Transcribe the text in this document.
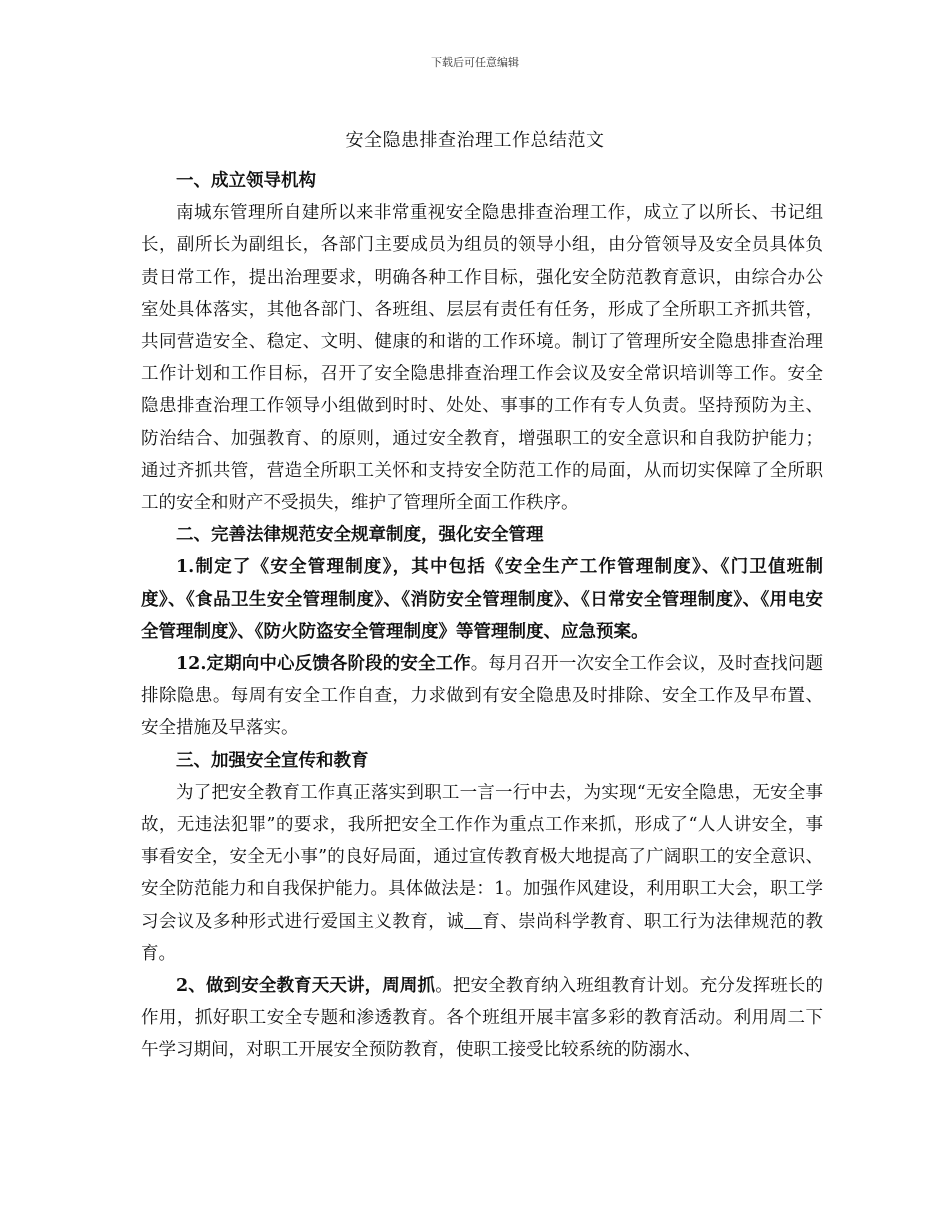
下载后可任意编辑
安全隐患排查治理工作总结范文

一、成立领导机构

南城东管理所自建所以来非常重视安全隐患排查治理工作，成立了以所长、书记组长，副所长为副组长，各部门主要成员为组员的领导小组，由分管领导及安全员具体负责日常工作，提出治理要求，明确各种工作目标，强化安全防范教育意识，由综合办公室处具体落实，其他各部门、各班组、层层有责任有任务，形成了全所职工齐抓共管，共同营造安全、稳定、文明、健康的和谐的工作环境。制订了管理所安全隐患排查治理工作计划和工作目标，召开了安全隐患排查治理工作会议及安全常识培训等工作。安全隐患排查治理工作领导小组做到时时、处处、事事的工作有专人负责。坚持预防为主、防治结合、加强教育、的原则，通过安全教育，增强职工的安全意识和自我防护能力；通过齐抓共管，营造全所职工关怀和支持安全防范工作的局面，从而切实保障了全所职工的安全和财产不受损失，维护了管理所全面工作秩序。

二、完善法律规范安全规章制度，强化安全管理

1.制定了《安全管理制度》，其中包括《安全生产工作管理制度》、《门卫值班制度》、《食品卫生安全管理制度》、《消防安全管理制度》、《日常安全管理制度》、《用电安全管理制度》、《防火防盗安全管理制度》等管理制度、应急预案。

12.定期向中心反馈各阶段的安全工作。每月召开一次安全工作会议，及时查找问题排除隐患。每周有安全工作自查，力求做到有安全隐患及时排除、安全工作及早布置、安全措施及早落实。

三、加强安全宣传和教育

为了把安全教育工作真正落实到职工一言一行中去，为实现“无安全隐患，无安全事故，无违法犯罪”的要求，我所把安全工作作为重点工作来抓，形成了“人人讲安全，事事看安全，安全无小事”的良好局面，通过宣传教育极大地提高了广阔职工的安全意识、安全防范能力和自我保护能力。具体做法是：1。加强作风建设，利用职工大会，职工学习会议及多种形式进行爱国主义教育，诚 育、崇尚科学教育、职工行为法律规范的教育。

2、做到安全教育天天讲，周周抓。把安全教育纳入班组教育计划。充分发挥班长的作用，抓好职工安全专题和渗透教育。各个班组开展丰富多彩的教育活动。利用周二下午学习期间，对职工开展安全预防教育，使职工接受比较系统的防溺水、
